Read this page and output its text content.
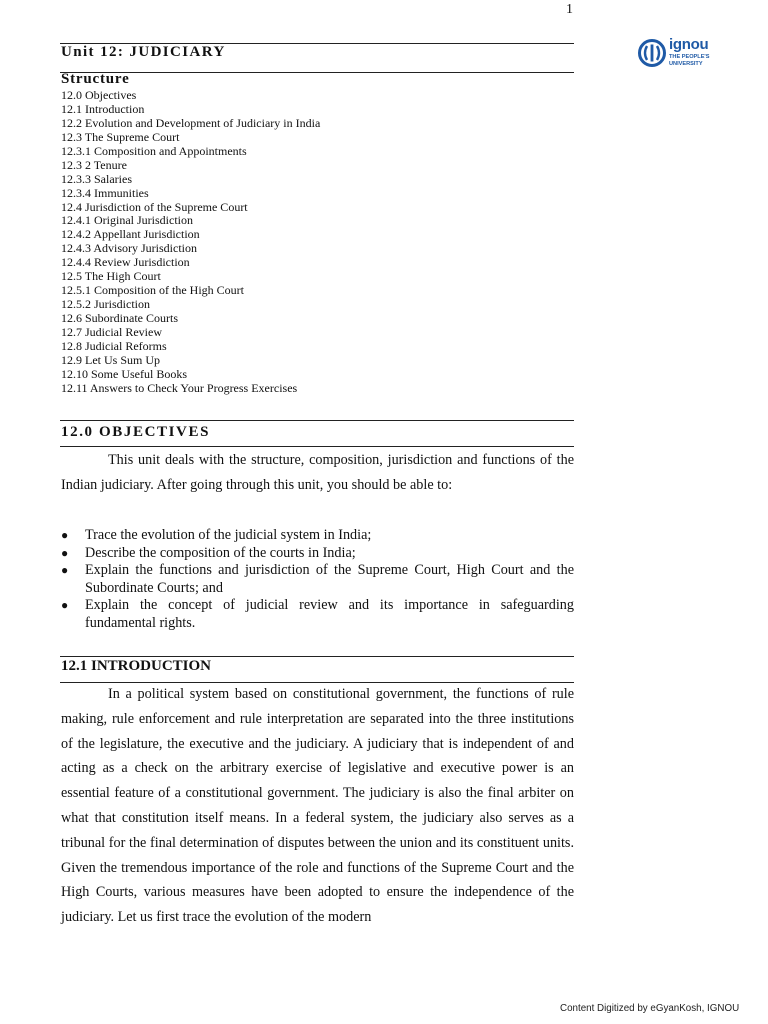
1
Unit 12: JUDICIARY	ignou
THE PEOPLE'S
UNIVERSITY
Structure
12.0 Objectives
12.1 Introduction
12.2 Evolution and Development of Judiciary in India
12.3 The Supreme Court
12.3.1 Composition and Appointments
12.3 2 Tenure
12.3.3 Salaries
12.3.4 Immunities
12.4 Jurisdiction of the Supreme Court
12.4.1 Original Jurisdiction
12.4.2 Appellant Jurisdiction
12.4.3 Advisory Jurisdiction
12.4.4 Review Jurisdiction
12.5 The High Court
12.5.1 Composition of the High Court
12.5.2 Jurisdiction
12.6 Subordinate Courts
12.7 Judicial Review
12.8 Judicial Reforms
12.9 Let Us Sum Up
12.10 Some Useful Books
12.11 Answers to Check Your Progress Exercises
12.0 OBJECTIVES

This unit deals with the structure, composition, jurisdiction and functions of the Indian judiciary. After going through this unit, you should be able to:

● Trace the evolution of the judicial system in India;
● Describe the composition of the courts in India;
● Explain the functions and jurisdiction of the Supreme Court, High Court and the Subordinate Courts; and
● Explain the concept of judicial review and its importance in safeguarding fundamental rights.
12.1 INTRODUCTION

In a political system based on constitutional government, the functions of rule making, rule enforcement and rule interpretation are separated into the three institutions of the legislature, the executive and the judiciary. A judiciary that is independent of and acting as a check on the arbitrary exercise of legislative and executive power is an essential feature of a constitutional government. The judiciary is also the final arbiter on what that constitution itself means. In a federal system, the judiciary also serves as a tribunal for the final determination of disputes between the union and its constituent units. Given the tremendous importance of the role and functions of the Supreme Court and the High Courts, various measures have been adopted to ensure the independence of the judiciary. Let us first trace the evolution of the modern

Content Digitized by eGyanKosh, IGNOU
